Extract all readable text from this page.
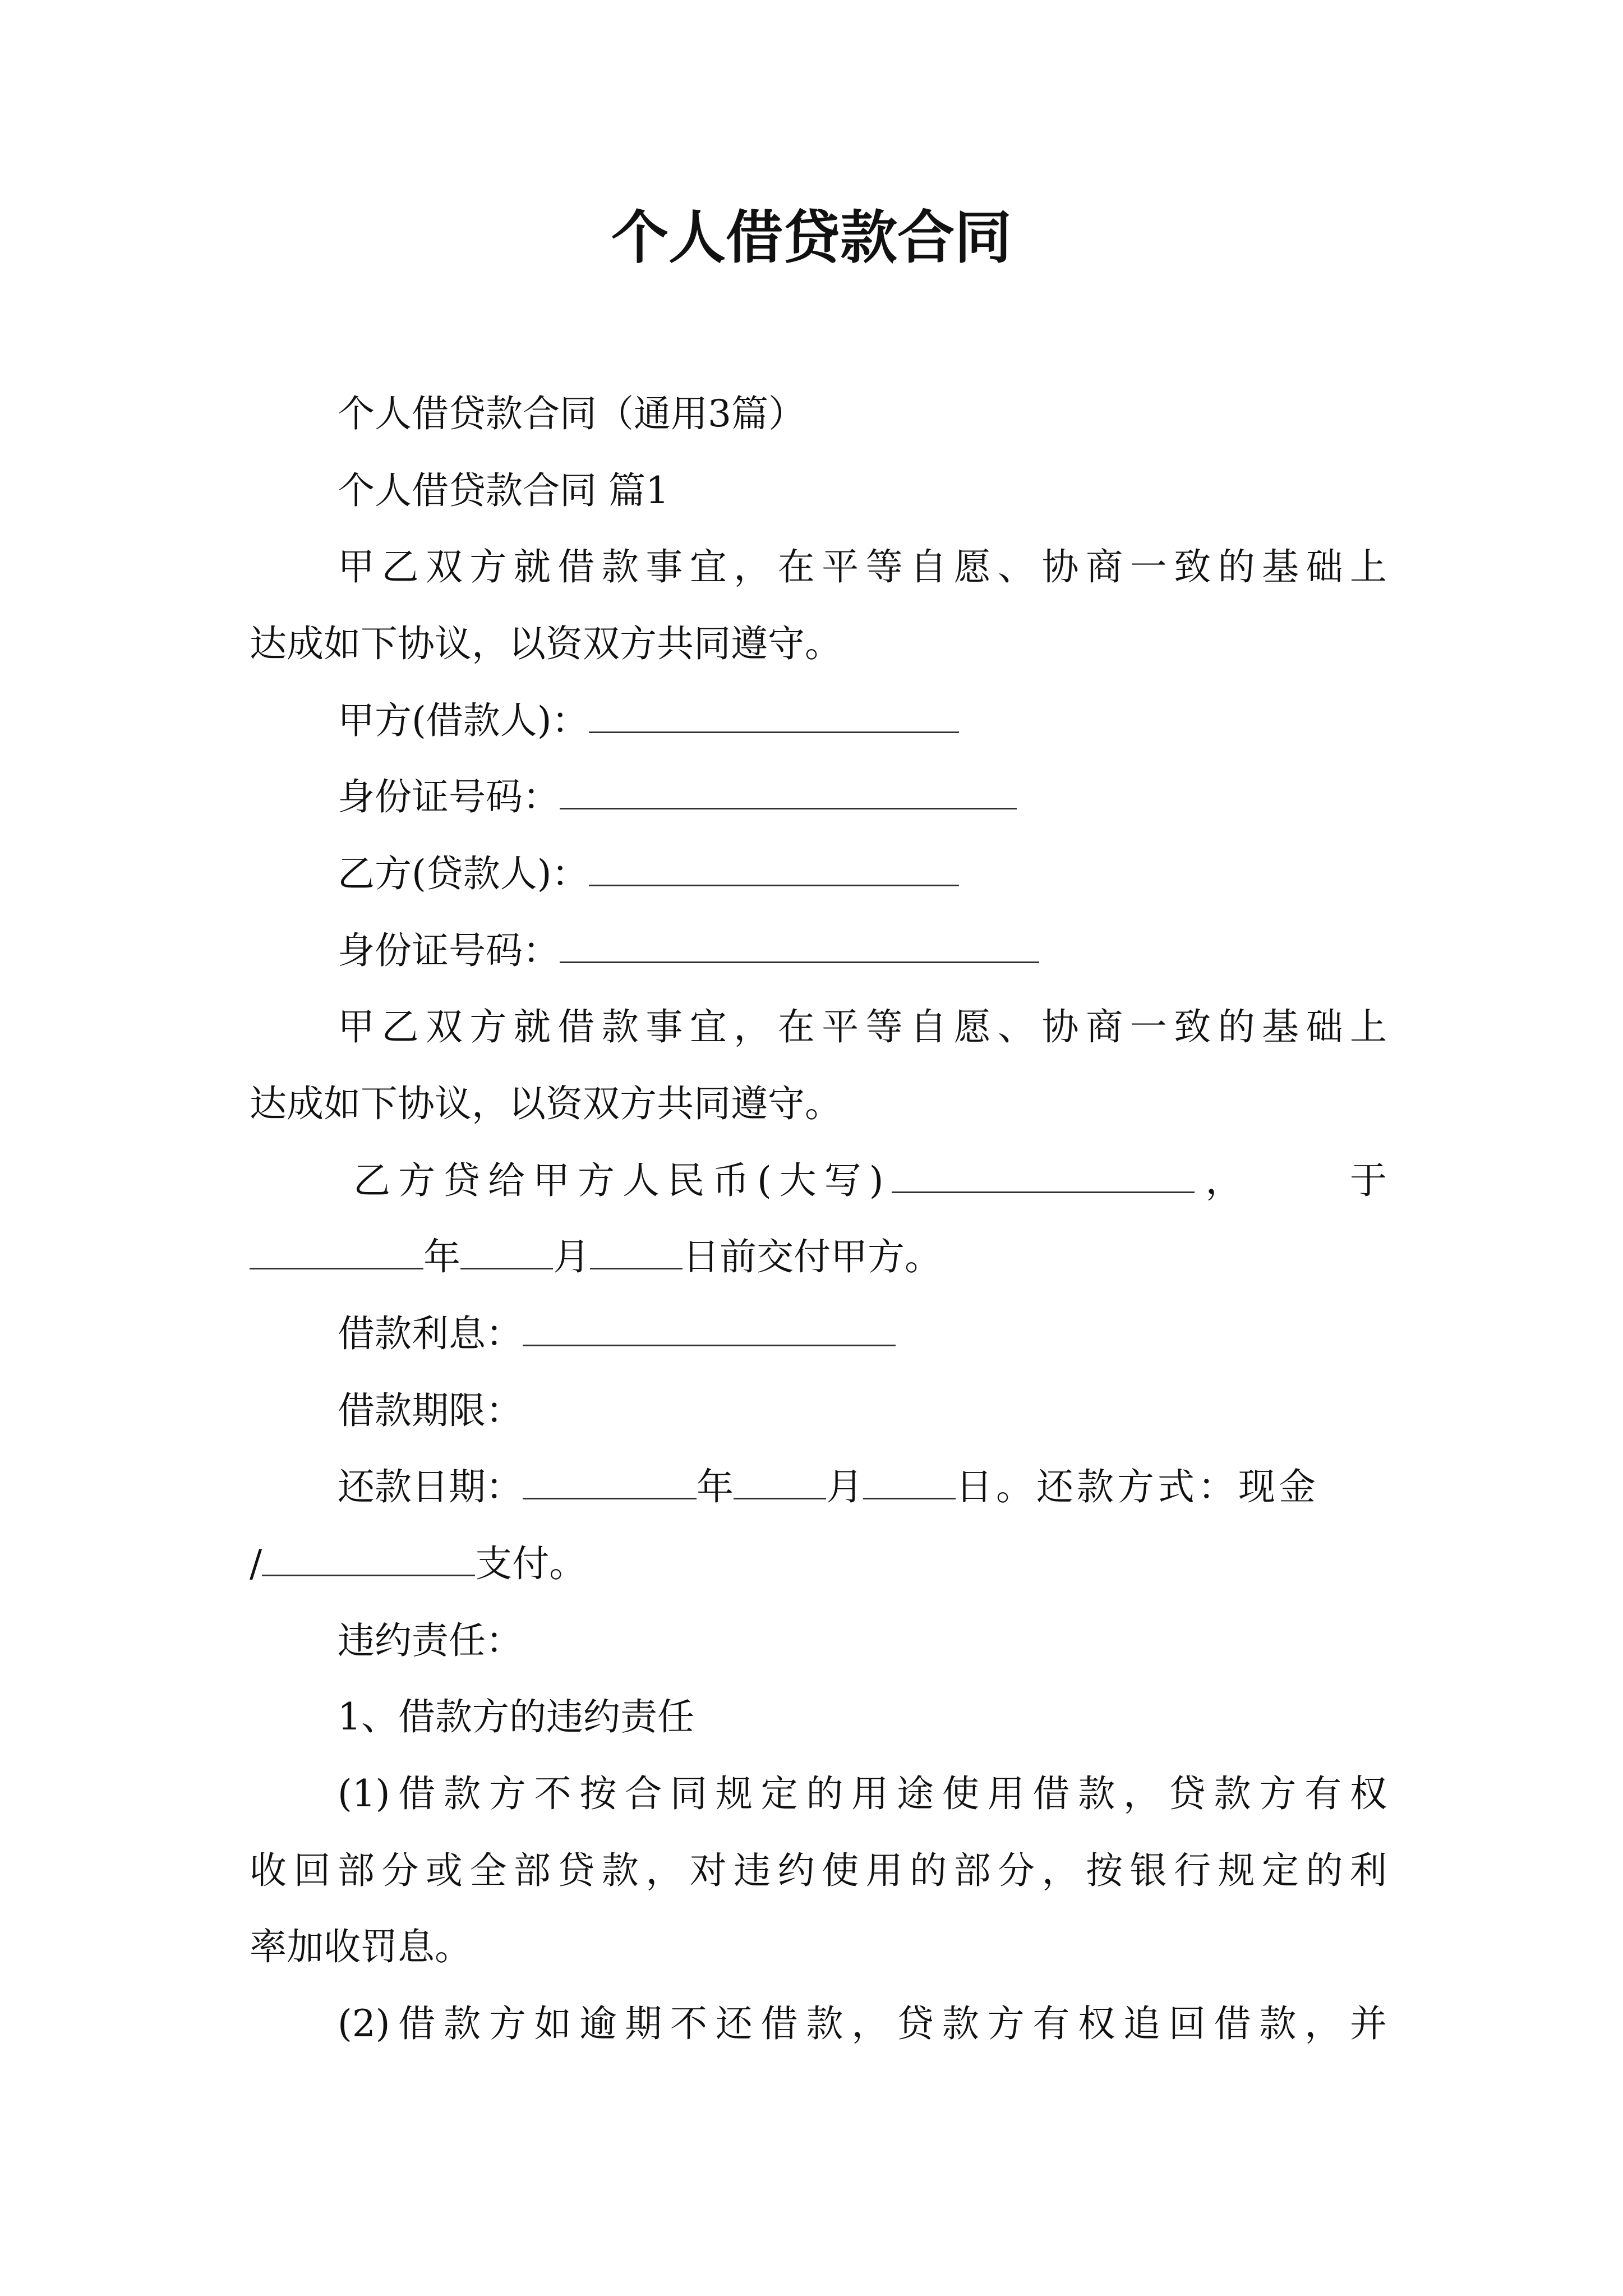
个人借贷款合同
个人借贷款合同（通用3篇）
个人借贷款合同 篇1
甲乙双方就借款事宜，在平等自愿、协商一致的基础上
达成如下协议，以资双方共同遵守。
甲方(借款人)：
身份证号码：
乙方(贷款人)：
身份证号码：
甲乙双方就借款事宜，在平等自愿、协商一致的基础上
达成如下协议，以资双方共同遵守。
乙方贷给甲方人民币(大写)	，	于
年	月	日前交付甲方。
借款利息：
借款期限：
还款日期：	年	月	日。还款方式：现金
/	支付。
违约责任：
1、借款方的违约责任
(1)借款方不按合同规定的用途使用借款，贷款方有权
收回部分或全部贷款，对违约使用的部分，按银行规定的利
率加收罚息。
(2)借款方如逾期不还借款，贷款方有权追回借款，并
